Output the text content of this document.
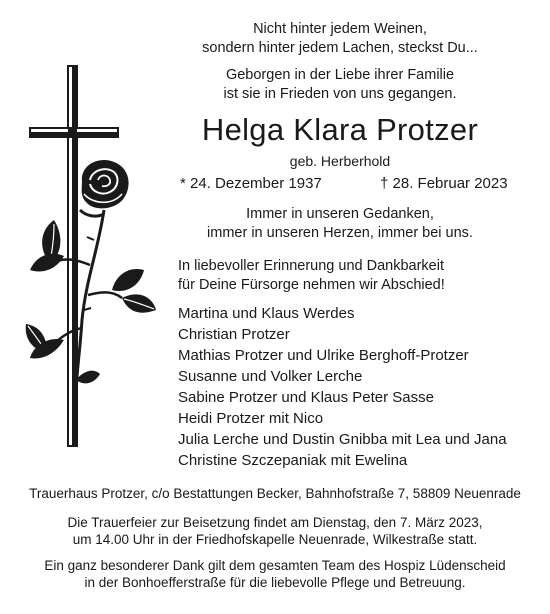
Nicht hinter jedem Weinen,
sondern hinter jedem Lachen, steckst Du...
Geborgen in der Liebe ihrer Familie
ist sie in Frieden von uns gegangen.
Helga Klara Protzer
geb. Herberhold
* 24. Dezember 1937	† 28. Februar 2023
Immer in unseren Gedanken,
immer in unseren Herzen, immer bei uns.
In liebevoller Erinnerung und Dankbarkeit
für Deine Fürsorge nehmen wir Abschied!
Martina und Klaus Werdes
Christian Protzer
Mathias Protzer und Ulrike Berghoff-Protzer
Susanne und Volker Lerche
Sabine Protzer und Klaus Peter Sasse
Heidi Protzer mit Nico
Julia Lerche und Dustin Gnibba mit Lea und Jana
Christine Szczepaniak mit Ewelina
Trauerhaus Protzer, c/o Bestattungen Becker, Bahnhofstraße 7, 58809 Neuenrade
Die Trauerfeier zur Beisetzung findet am Dienstag, den 7. März 2023,
um 14.00 Uhr in der Friedhofskapelle Neuenrade, Wilkestraße statt.
Ein ganz besonderer Dank gilt dem gesamten Team des Hospiz Lüdenscheid
in der Bonhoefferstraße für die liebevolle Pflege und Betreuung.
